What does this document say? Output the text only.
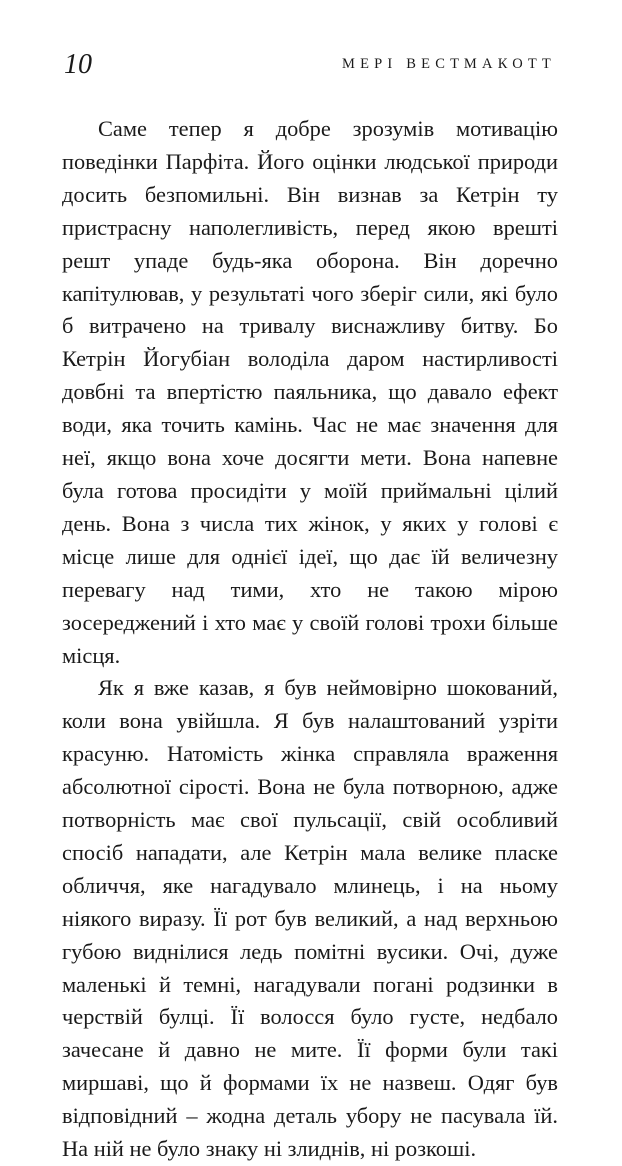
10	МЕРІ ВЕСТМАКОТТ

Саме тепер я добре зрозумів мотивацію поведінки Парфіта. Його оцінки людської природи досить безпомильні. Він визнав за Кетрін ту пристрасну наполегливість, перед якою врешті решт упаде будь-яка оборона. Він доречно капітулював, у результаті чого зберіг сили, які було б витрачено на тривалу виснажливу битву. Бо Кетрін Йогубіан володіла даром настирливості довбні та впертістю паяльника, що давало ефект води, яка точить камінь. Час не має значення для неї, якщо вона хоче досягти мети. Вона напевне була готова просидіти у моїй приймальні цілий день. Вона з числа тих жінок, у яких у голові є місце лише для однієї ідеї, що дає їй величезну перевагу над тими, хто не такою мірою зосереджений і хто має у своїй голові трохи більше місця.

Як я вже казав, я був неймовірно шокований, коли вона увійшла. Я був налаштований узріти красуню. Натомість жінка справляла враження абсолютної сірості. Вона не була потворною, адже потворність має свої пульсації, свій особливий спосіб нападати, але Кетрін мала велике пласке обличчя, яке нагадувало млинець, і на ньому ніякого виразу. Її рот був великий, а над верхньою губою виднілися ледь помітні вусики. Очі, дуже маленькі й темні, нагадували погані родзинки в черствій булці. Її волосся було густе, недбало зачесане й давно не мите. Її форми були такі миршаві, що й формами їх не назвеш. Одяг був відповідний – жодна деталь убору не пасувала їй. На ній не було знаку ні злиднів, ні розкоші.
